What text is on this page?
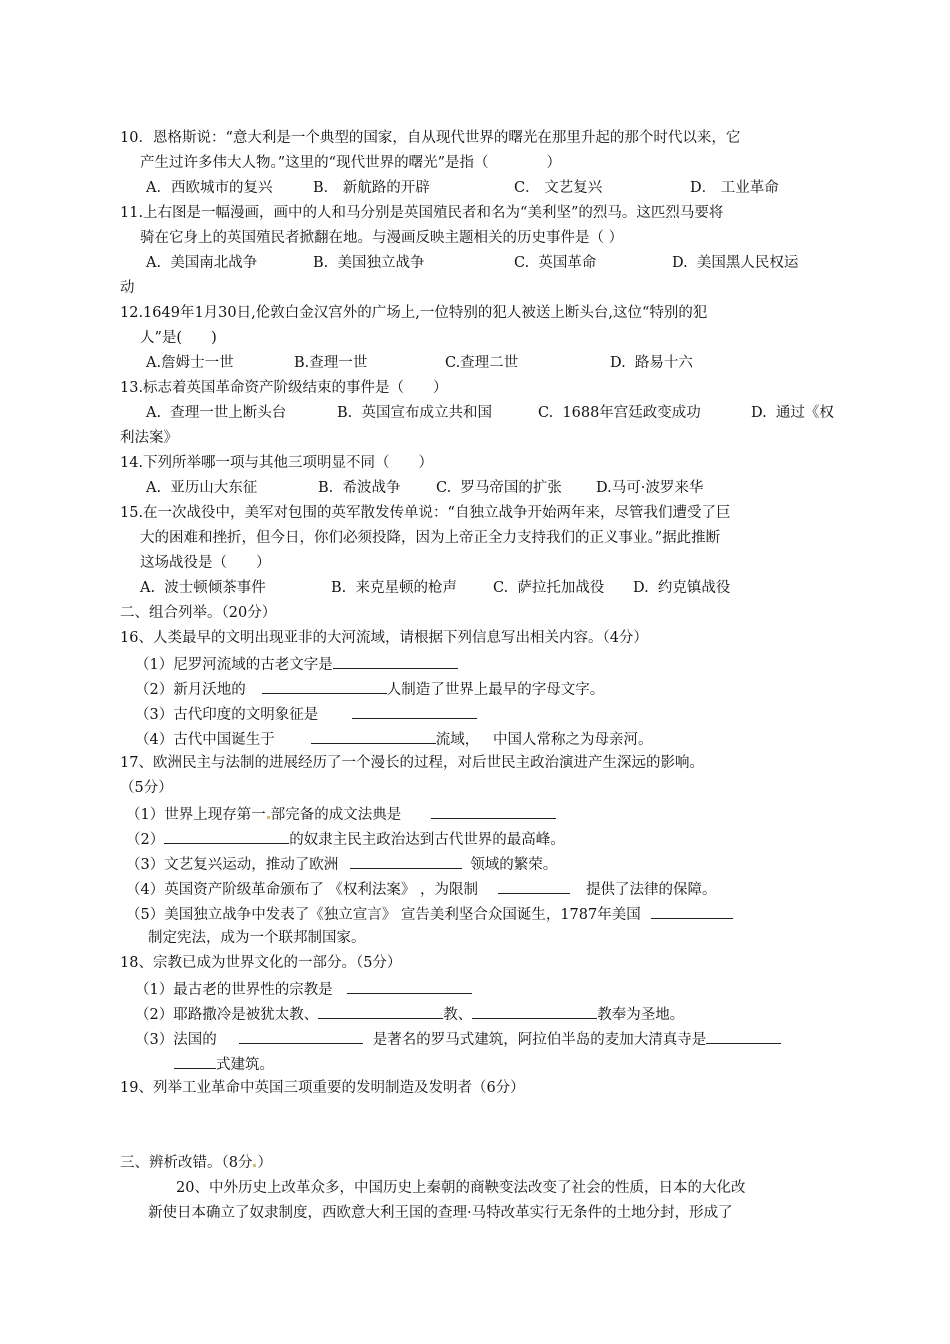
10．恩格斯说：“意大利是一个典型的国家，自从现代世界的曙光在那里升起的那个时代以来，它
产生过许多伟大人物。”这里的“现代世界的曙光”是指（　　　　）
A．西欧城市的复兴	B． 新航路的开辟	C． 文艺复兴	D． 工业革命
11.上右图是一幅漫画，画中的人和马分别是英国殖民者和名为“美利坚”的烈马。这匹烈马要将
骑在它身上的英国殖民者掀翻在地。与漫画反映主题相关的历史事件是（ ）
A.  美国南北战争	B.  美国独立战争	C.  英国革命	D.  美国黑人民权运
动
12.1649年1月30日,伦敦白金汉宫外的广场上,一位特别的犯人被送上断头台,这位“特别的犯
人”是(　　)
A.詹姆士一世	B.查理一世	C.查理二世	D.  路易十六
13.标志着英国革命资产阶级结束的事件是（　　）
A.  查理一世上断头台	B.  英国宣布成立共和国	C.  1688年宫廷政变成功	D.  通过《权
利法案》
14.下列所举哪一项与其他三项明显不同（　　）
A.  亚历山大东征	B.  希波战争 C.  罗马帝国的扩张 D.马可·波罗来华
15.在一次战役中，美军对包围的英军散发传单说：“自独立战争开始两年来，尽管我们遭受了巨
大的困难和挫折，但今日，你们必须投降，因为上帝正全力支持我们的正义事业。”据此推断
这场战役是（　　）
A.  波士顿倾茶事件	B.  来克星顿的枪声 C.  萨拉托加战役 D.  约克镇战役
二、组合列举。（20分）
16、人类最早的文明出现亚非的大河流域，请根据下列信息写出相关内容。（4分）
（1）尼罗河流域的古老文字是
（2）新月沃地的	人制造了世界上最早的字母文字。
（3）古代印度的文明象征是
（4）古代中国诞生于	流域，   中国人常称之为母亲河。
17、欧洲民主与法制的进展经历了一个漫长的过程，对后世民主政治演进产生深远的影响。
（5分）
（1）世界上现存第一 部完备的成文法典是
（2）	的奴隶主民主政治达到古代世界的最高峰。
（3）文艺复兴运动，推动了欧洲	领域的繁荣。
（4）英国资产阶级革命颁布了 《权利法案》 ，为限制	提供了法律的保障。
（5）美国独立战争中发表了《独立宣言》 宣告美利坚合众国诞生，1787年美国
制定宪法，成为一个联邦制国家。
18、宗教已成为世界文化的一部分。（5分）
（1）最古老的世界性的宗教是
（2）耶路撒冷是被犹太教、	教、	教奉为圣地。
（3）法国的	是著名的罗马式建筑，阿拉伯半岛的麦加大清真寺是
式建筑。
19、列举工业革命中英国三项重要的发明制造及发明者（6分）
三、辨析改错。（8分 ）
20、中外历史上改革众多，中国历史上秦朝的商鞅变法改变了社会的性质，日本的大化改
新使日本确立了奴隶制度，西欧意大利王国的查理·马特改革实行无条件的土地分封，形成了
